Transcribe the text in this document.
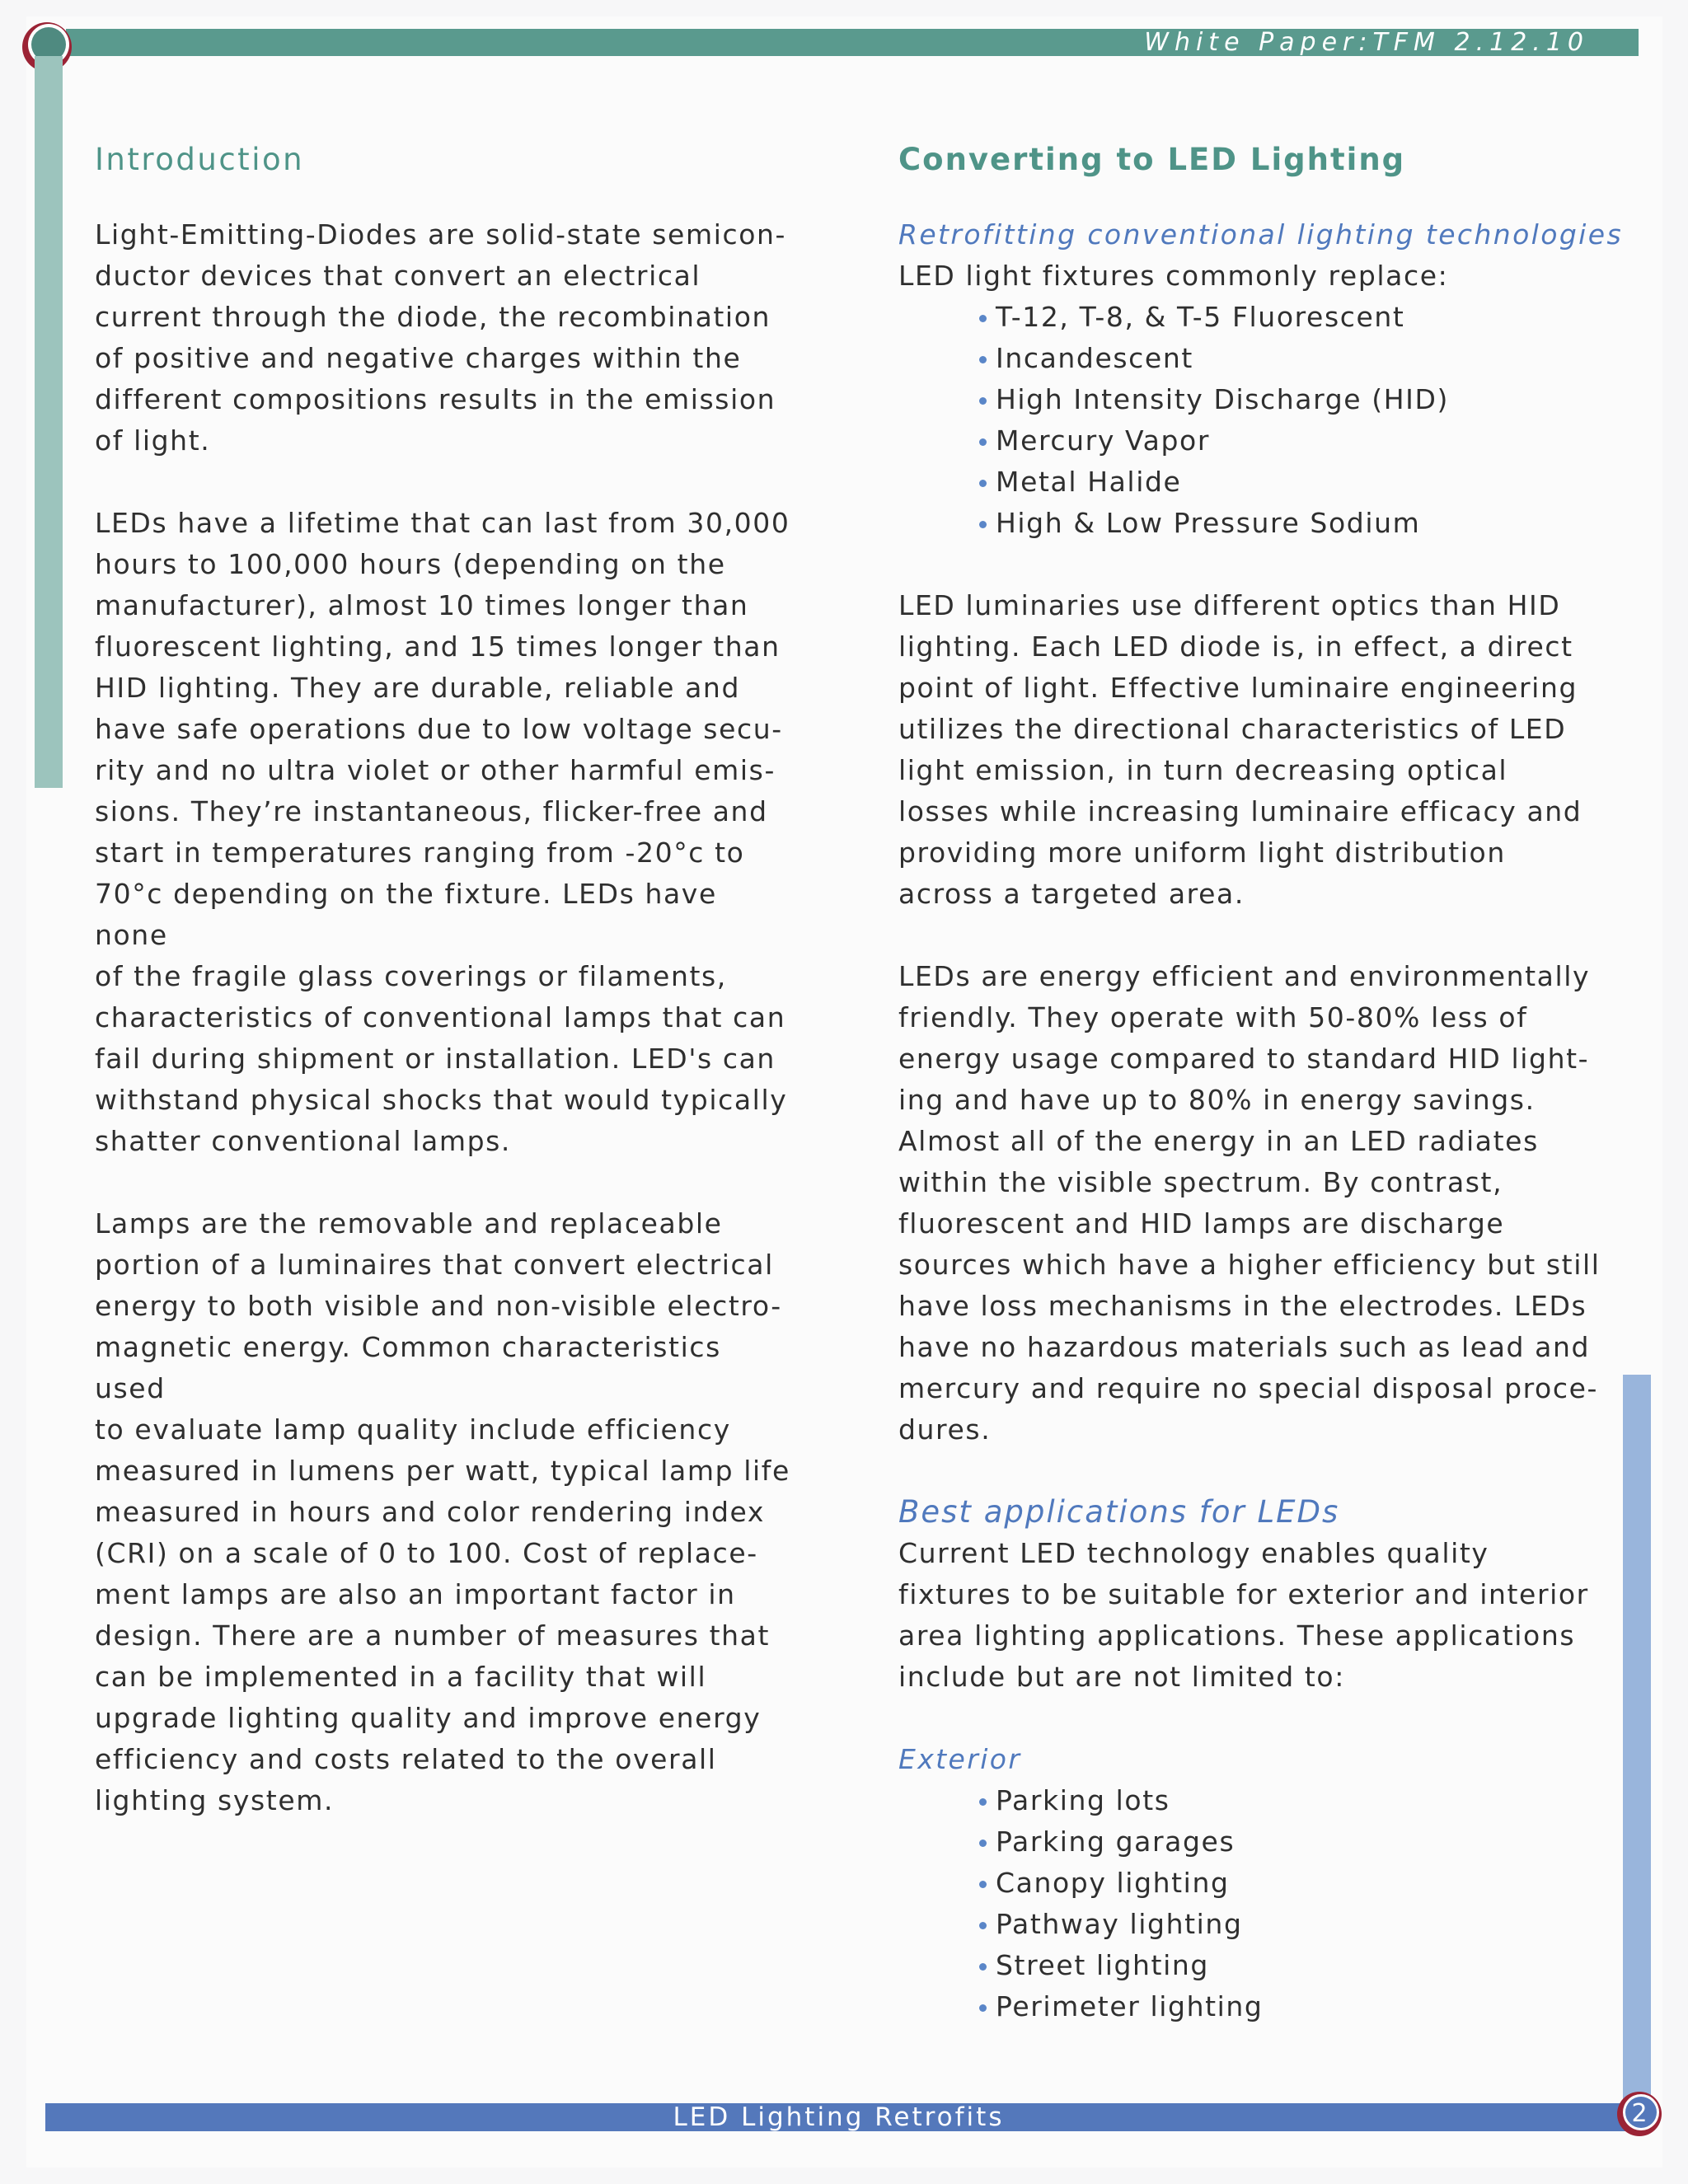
White Paper:TFM 2.12.10
Introduction
Light-Emitting-Diodes are solid-state semicon-
ductor devices that convert an electrical
current through the diode, the recombination
of positive and negative charges within the
different compositions results in the emission
of light.
LEDs have a lifetime that can last from 30,000
hours to 100,000 hours (depending on the
manufacturer), almost 10 times longer than
fluorescent lighting, and 15 times longer than
HID lighting. They are durable, reliable and
have safe operations due to low voltage secu-
rity and no ultra violet or other harmful emis-
sions. They’re instantaneous, flicker-free and
start in temperatures ranging from -20°c to
70°c depending on the fixture. LEDs have none
of the fragile glass coverings or filaments,
characteristics of conventional lamps that can
fail during shipment or installation. LED's can
withstand physical shocks that would typically
shatter conventional lamps.
Lamps are the removable and replaceable
portion of a luminaires that convert electrical
energy to both visible and non-visible electro-
magnetic energy. Common characteristics used
to evaluate lamp quality include efficiency
measured in lumens per watt, typical lamp life
measured in hours and color rendering index
(CRI) on a scale of 0 to 100. Cost of replace-
ment lamps are also an important factor in
design. There are a number of measures that
can be implemented in a facility that will
upgrade lighting quality and improve energy
efficiency and costs related to the overall
lighting system.
Converting to LED Lighting
Retrofitting conventional lighting technologies
LED light fixtures commonly replace:
T-12, T-8, & T-5 Fluorescent
Incandescent
High Intensity Discharge (HID)
Mercury Vapor
Metal Halide
High & Low Pressure Sodium
LED luminaries use different optics than HID
lighting. Each LED diode is, in effect, a direct
point of light. Effective luminaire engineering
utilizes the directional characteristics of LED
light emission, in turn decreasing optical
losses while increasing luminaire efficacy and
providing more uniform light distribution
across a targeted area.
LEDs are energy efficient and environmentally
friendly. They operate with 50-80% less of
energy usage compared to standard HID light-
ing and have up to 80% in energy savings.
Almost all of the energy in an LED radiates
within the visible spectrum. By contrast,
fluorescent and HID lamps are discharge
sources which have a higher efficiency but still
have loss mechanisms in the electrodes. LEDs
have no hazardous materials such as lead and
mercury and require no special disposal proce-
dures.
Best applications for LEDs
Current LED technology enables quality
fixtures to be suitable for exterior and interior
area lighting applications. These applications
include but are not limited to:
Exterior
Parking lots
Parking garages
Canopy lighting
Pathway lighting
Street lighting
Perimeter lighting
LED Lighting Retrofits	2
